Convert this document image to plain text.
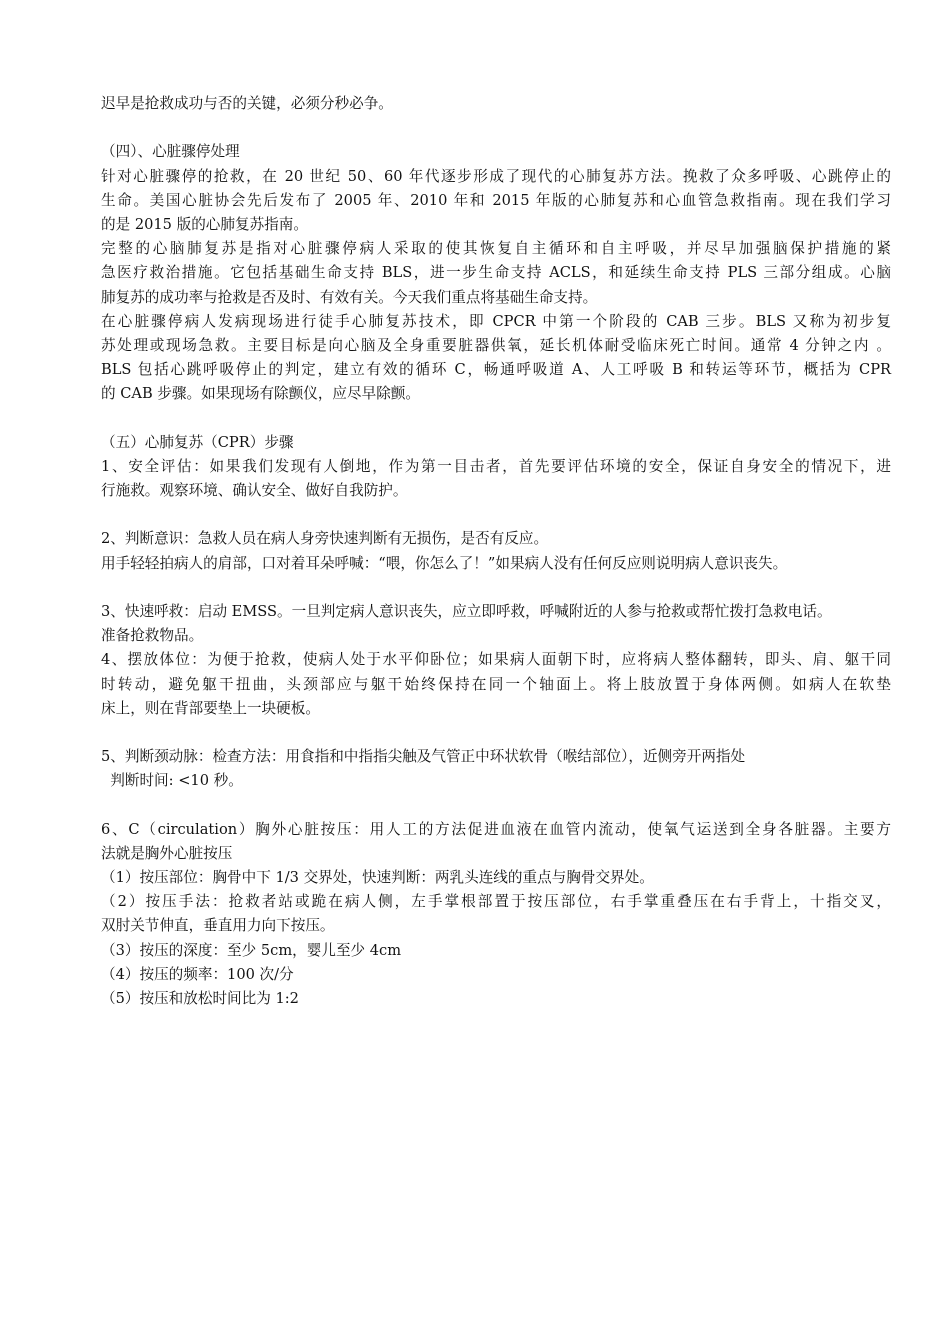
迟早是抢救成功与否的关键，必须分秒必争。
（四）、心脏骤停处理
针对心脏骤停的抢救，在 20 世纪 50、60 年代逐步形成了现代的心肺复苏方法。挽救了众多呼吸、心跳停止的
生命。美国心脏协会先后发布了 2005 年、2010 年和 2015 年版的心肺复苏和心血管急救指南。现在我们学习
的是 2015 版的心肺复苏指南。
完整的心脑肺复苏是指对心脏骤停病人采取的使其恢复自主循环和自主呼吸，并尽早加强脑保护措施的紧
急医疗救治措施。它包括基础生命支持 BLS，进一步生命支持 ACLS，和延续生命支持 PLS 三部分组成。心脑
肺复苏的成功率与抢救是否及时、有效有关。今天我们重点将基础生命支持。
在心脏骤停病人发病现场进行徒手心肺复苏技术，即 CPCR 中第一个阶段的 CAB 三步。BLS 又称为初步复
苏处理或现场急救。主要目标是向心脑及全身重要脏器供氧，延长机体耐受临床死亡时间。通常 4 分钟之内 。
BLS 包括心跳呼吸停止的判定，建立有效的循环 C，畅通呼吸道 A、人工呼吸 B 和转运等环节，概括为 CPR
的 CAB 步骤。如果现场有除颤仪，应尽早除颤。
（五）心肺复苏（CPR）步骤
1、安全评估：如果我们发现有人倒地，作为第一目击者，首先要评估环境的安全，保证自身安全的情况下，进
行施救。观察环境、确认安全、做好自我防护。
2、判断意识：急救人员在病人身旁快速判断有无损伤，是否有反应。
用手轻轻拍病人的肩部，口对着耳朵呼喊：“喂，你怎么了！”如果病人没有任何反应则说明病人意识丧失。
3、快速呼救：启动 EMSS。一旦判定病人意识丧失，应立即呼救，呼喊附近的人参与抢救或帮忙拨打急救电话。
准备抢救物品。
4、摆放体位：为便于抢救，使病人处于水平仰卧位；如果病人面朝下时，应将病人整体翻转，即头、肩、躯干同
时转动，避免躯干扭曲，头颈部应与躯干始终保持在同一个轴面上。将上肢放置于身体两侧。如病人在软垫
床上，则在背部要垫上一块硬板。
5、判断颈动脉：检查方法：用食指和中指指尖触及气管正中环状软骨（喉结部位），近侧旁开两指处
判断时间: <10 秒。
6、C（circulation）胸外心脏按压：用人工的方法促进血液在血管内流动，使氧气运送到全身各脏器。主要方
法就是胸外心脏按压
（1）按压部位：胸骨中下 1/3 交界处，快速判断：两乳头连线的重点与胸骨交界处。
（2）按压手法：抢救者站或跪在病人侧，左手掌根部置于按压部位，右手掌重叠压在右手背上，十指交叉，
双肘关节伸直，垂直用力向下按压。
（3）按压的深度：至少 5cm，婴儿至少 4cm
（4）按压的频率：100 次/分
（5）按压和放松时间比为 1:2
